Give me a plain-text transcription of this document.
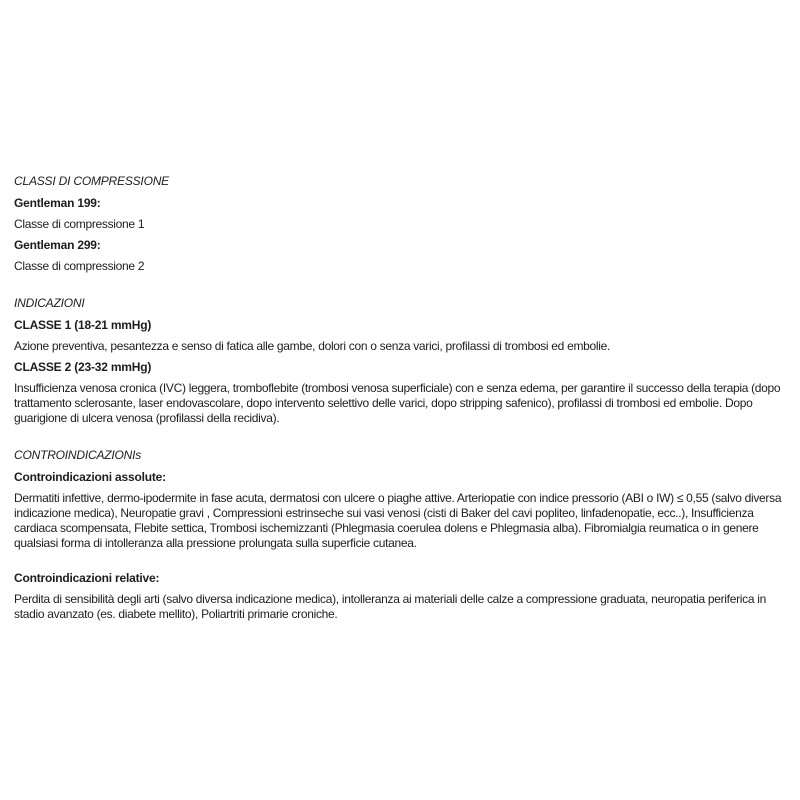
CLASSI DI COMPRESSIONE

Gentleman 199:

Classe di compressione 1

Gentleman 299:

Classe di compressione 2

INDICAZIONI

CLASSE 1 (18-21 mmHg)

Azione preventiva, pesantezza e senso di fatica alle gambe, dolori con o senza varici, profilassi di trombosi ed embolie.

CLASSE 2 (23-32 mmHg)

Insufficienza venosa cronica (IVC) leggera, tromboflebite (trombosi venosa superficiale) con e senza edema, per garantire il successo della terapia (dopo trattamento sclerosante, laser endovascolare, dopo intervento selettivo delle varici, dopo stripping safenico), profilassi di trombosi ed embolie. Dopo guarigione di ulcera venosa (profilassi della recidiva).

CONTROINDICAZIONIs

Controindicazioni assolute:

Dermatiti infettive, dermo-ipodermite in fase acuta, dermatosi con ulcere o piaghe attive. Arteriopatie con indice pressorio (ABI o IW) ≤ 0,55 (salvo diversa indicazione medica), Neuropatie gravi , Compressioni estrinseche sui vasi venosi (cisti di Baker del cavi popliteo, linfadenopatie, ecc..), Insufficienza cardiaca scompensata, Flebite settica, Trombosi ischemizzanti (Phlegmasia coerulea dolens e Phlegmasia alba). Fibromialgia reumatica o in genere qualsiasi forma di intolleranza alla pressione prolungata sulla superficie cutanea.

Controindicazioni relative:

Perdita di sensibilità degli arti (salvo diversa indicazione medica), intolleranza ai materiali delle calze a compressione graduata, neuropatia periferica in stadio avanzato (es. diabete mellito), Poliartriti primarie croniche.
